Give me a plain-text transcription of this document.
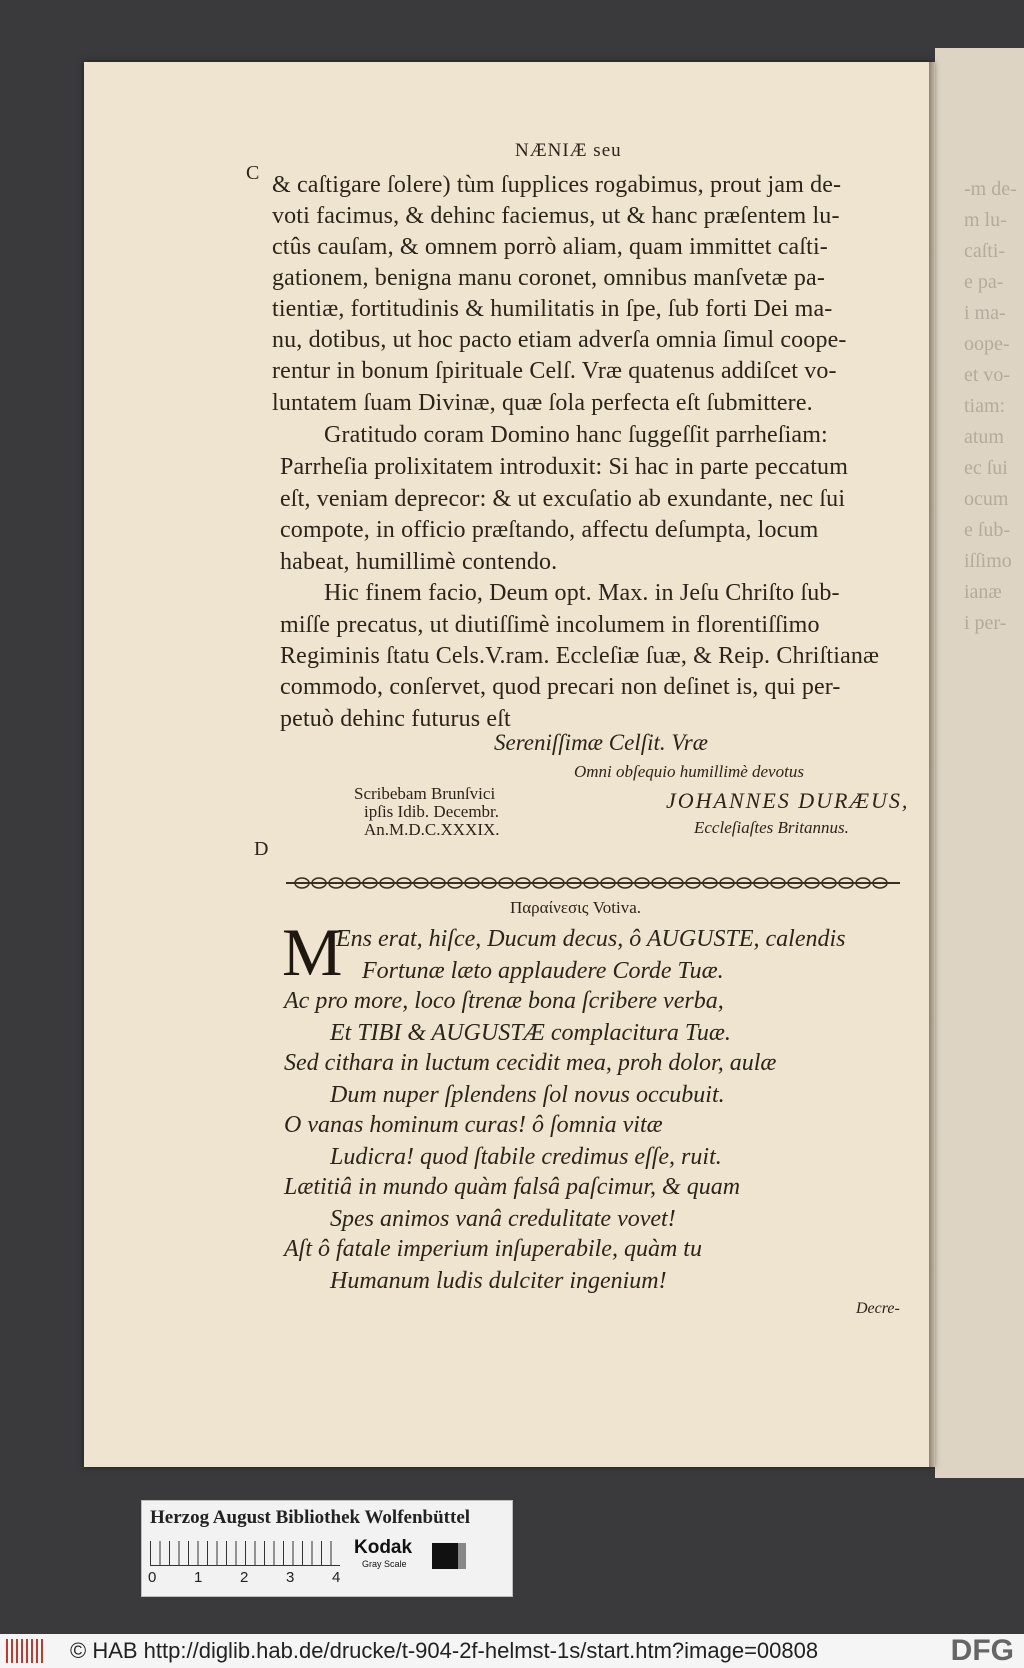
-m de-
m lu-
caſti-
e pa-
i ma-
oope-
et vo-
tiam:
atum
ec ſui
ocum
e ſub-
iſſimo
ianæ
i per-
NÆNIÆ seu
C
D
& caſtigare ſolere) tùm ſupplices rogabimus, prout jam de-
voti facimus, & dehinc faciemus, ut & hanc præſentem lu-
ctûs cauſam, & omnem porrò aliam, quam immittet caſti-
gationem, benigna manu coronet, omnibus manſvetæ pa-
tientiæ, fortitudinis & humilitatis in ſpe, ſub forti Dei ma-
nu, dotibus, ut hoc pacto etiam adverſa omnia ſimul coope-
rentur in bonum ſpirituale Celſ. Vræ quatenus addiſcet vo-
luntatem ſuam Divinæ, quæ ſola perfecta eſt ſubmittere.
Gratitudo coram Domino hanc ſuggeſſit parrheſiam:
Parrheſia prolixitatem introduxit: Si hac in parte peccatum
eſt, veniam deprecor: & ut excuſatio ab exundante, nec ſui
compote, in officio præſtando, affectu deſumpta, locum
habeat, humillimè contendo.
Hic finem facio, Deum opt. Max. in Jeſu Chriſto ſub-
miſſe precatus, ut diutiſſimè incolumem in florentiſſimo
Regiminis ſtatu Cels.V.ram. Eccleſiæ ſuæ, & Reip. Chriſtianæ
commodo, conſervet, quod precari non deſinet is, qui per-
petuò dehinc futurus eſt
Sereniſſimæ Celſit. Vræ
Omni obſequio humillimè devotus
Scribebam Brunſvici
ipſis Idib. Decembr.
An.M.D.C.XXXIX.
JOHANNES DURÆUS,
Eccleſiaſtes Britannus.
Παραίνεσις Votiva.
M
Ens erat, hiſce, Ducum decus, ô AUGUSTE, calendis
Fortunæ læto applaudere Corde Tuæ.
Ac pro more, loco ſtrenæ bona ſcribere verba,
Et TIBI & AUGUSTÆ complacitura Tuæ.
Sed cithara in luctum cecidit mea, proh dolor, aulæ
Dum nuper ſplendens ſol novus occubuit.
O vanas hominum curas! ô ſomnia vitæ
Ludicra! quod ſtabile credimus eſſe, ruit.
Lætitiâ in mundo quàm falsâ paſcimur, & quam
Spes animos vanâ credulitate vovet!
Aſt ô fatale imperium inſuperabile, quàm tu
Humanum ludis dulciter ingenium!
Decre-
Herzog August Bibliothek Wolfenbüttel
0	1	2	3	4
Kodak
Gray Scale
© HAB http://diglib.hab.de/drucke/t-904-2f-helmst-1s/start.htm?image=00808	DFG
